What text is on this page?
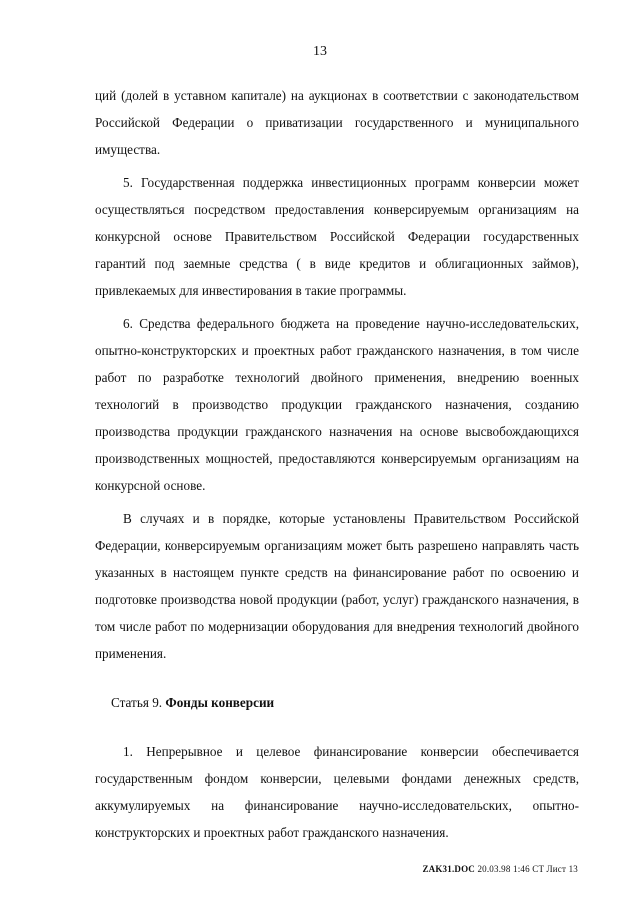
13

ций (долей в уставном капитале) на аукционах в соответствии с законодательством Российской Федерации о приватизации государственного и муниципального имущества.

5. Государственная поддержка инвестиционных программ конверсии может осуществляться посредством предоставления конверсируемым организациям на конкурсной основе Правительством Российской Федерации государственных гарантий под заемные средства ( в виде кредитов и облигационных займов), привлекаемых для инвестирования в такие программы.

6. Средства федерального бюджета на проведение научно-исследовательских, опытно-конструкторских и проектных работ гражданского назначения, в том числе работ по разработке технологий двойного применения, внедрению военных технологий в производство продукции гражданского назначения, созданию производства продукции гражданского назначения на основе высвобождающихся производственных мощностей, предоставляются конверсируемым организациям на конкурсной основе.

В случаях и в порядке, которые установлены Правительством Российской Федерации, конверсируемым организациям может быть разрешено направлять часть указанных в настоящем пункте средств на финансирование работ по освоению и подготовке производства новой продукции (работ, услуг) гражданского назначения, в том числе работ по модернизации оборудования для внедрения технологий двойного применения.

Статья 9. Фонды конверсии

1. Непрерывное и целевое финансирование конверсии обеспечивается государственным фондом конверсии, целевыми фондами денежных средств, аккумулируемых на финансирование научно-исследовательских, опытно-конструкторских и проектных работ гражданского назначения.

ZAK31.DOC 20.03.98 1:46 CT Лист 13
